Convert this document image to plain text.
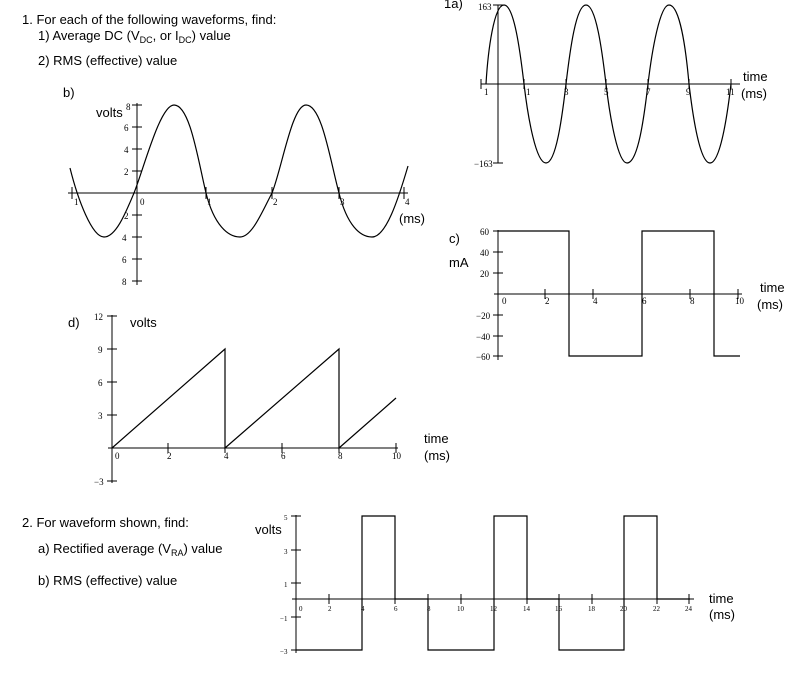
1. For each of the following waveforms, find:
1) Average DC ($V_{DC}$, or $I_{DC}$) value
2) RMS (effective) value
1a) 163
−163
1	1	3	5	7	9	11
time
(ms)
b)
volts 8
6
4
2
2
4
6
8
1	0	1	2	3	4
(ms)
c)
mA
60
40
20
−20
−40
−60
0	2	4	6	8	10
time
(ms)
d) 12 volts
9
6
3
−3
0	2	4	6	8	10
time
(ms)
2. For waveform shown, find:
a) Rectified average $(V_{RA})$ value
b) RMS (effective) value
volts
5
3
1
−1
−3
0	2	4	6	8	10	12	14	16	18	20	22	24
time
(ms)
